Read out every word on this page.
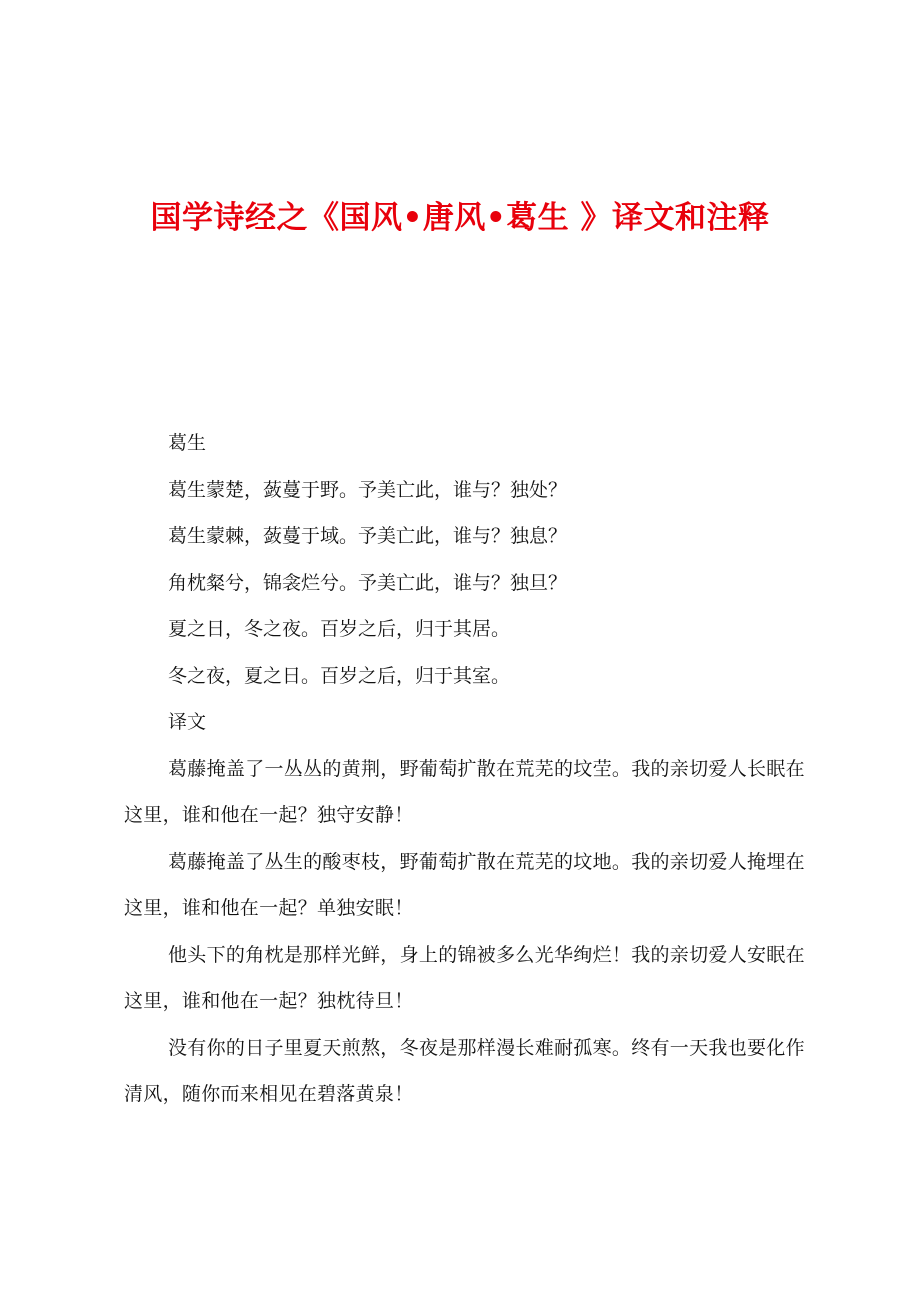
国学诗经之《国风•唐风•葛生 》译文和注释

葛生

葛生蒙楚，蔹蔓于野。予美亡此，谁与？独处？

葛生蒙棘，蔹蔓于域。予美亡此，谁与？独息？

角枕粲兮，锦衾烂兮。予美亡此，谁与？独旦？

夏之日，冬之夜。百岁之后，归于其居。

冬之夜，夏之日。百岁之后，归于其室。

译文

葛藤掩盖了一丛丛的黄荆，野葡萄扩散在荒芜的坟茔。我的亲切爱人长眠在这里，谁和他在一起？独守安静！

葛藤掩盖了丛生的酸枣枝，野葡萄扩散在荒芜的坟地。我的亲切爱人掩埋在这里，谁和他在一起？单独安眠！

他头下的角枕是那样光鲜，身上的锦被多么光华绚烂！我的亲切爱人安眠在这里，谁和他在一起？独枕待旦！

没有你的日子里夏天煎熬，冬夜是那样漫长难耐孤寒。终有一天我也要化作清风，随你而来相见在碧落黄泉！
